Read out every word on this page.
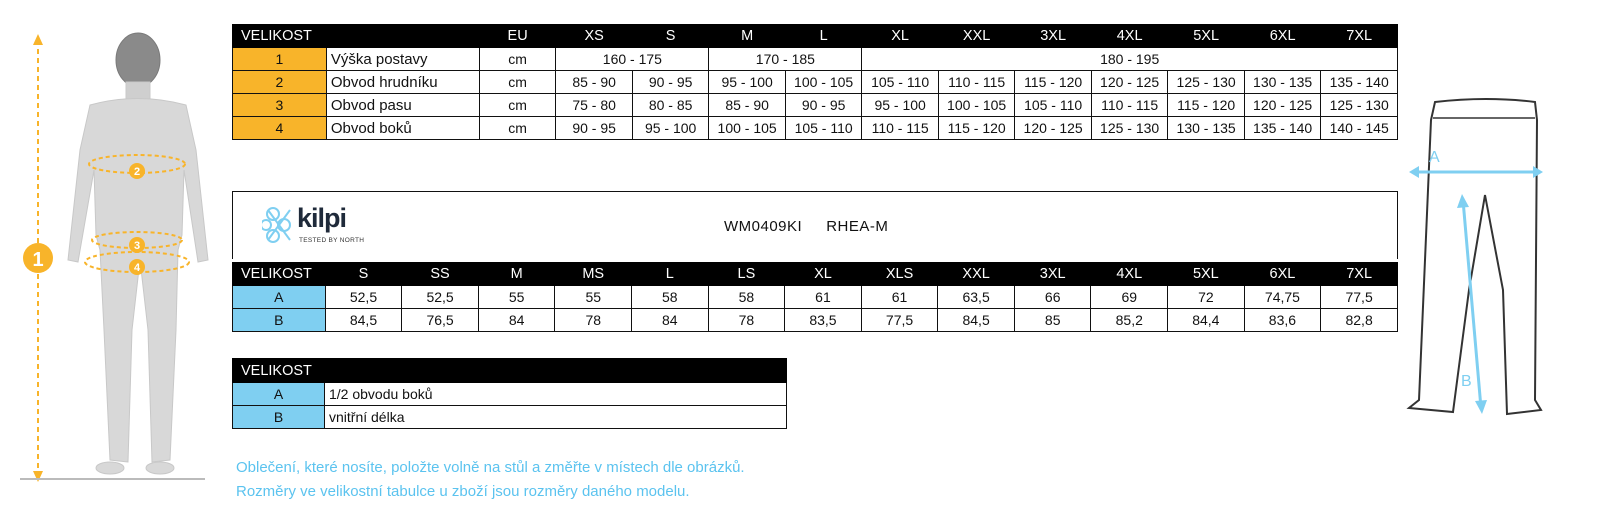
1
2
3
4
VELIKOST		EU	XS	S	M	L	XL	XXL	3XL	4XL	5XL	6XL	7XL
1	Výška postavy	cm	160 - 175		170 - 185		180 - 195						
2	Obvod hrudníku	cm	85 - 90	90 - 95	95 - 100	100 - 105	105 - 110	110 - 115	115 - 120	120 - 125	125 - 130	130 - 135	135 - 140
3	Obvod pasu	cm	75 - 80	80 - 85	85 - 90	90 - 95	95 - 100	100 - 105	105 - 110	110 - 115	115 - 120	120 - 125	125 - 130
4	Obvod boků	cm	90 - 95	95 - 100	100 - 105	105 - 110	110 - 115	115 - 120	120 - 125	125 - 130	130 - 135	135 - 140	140 - 145
kilpi
TESTED BY NORTH
WM0409KI RHEA-M
VELIKOST	S	SS	M	MS	L	LS	XL	XLS	XXL	3XL	4XL	5XL	6XL	7XL
A	52,5	52,5	55	55	58	58	61	61	63,5	66	69	72	74,75	77,5
B	84,5	76,5	84	78	84	78	83,5	77,5	84,5	85	85,2	84,4	83,6	82,8
VELIKOST	
A	1/2 obvodu boků
B	vnitřní délka
Oblečení, které nosíte, položte volně na stůl a změřte v místech dle obrázků.
Rozměry ve velikostní tabulce u zboží jsou rozměry daného modelu.
A
B
